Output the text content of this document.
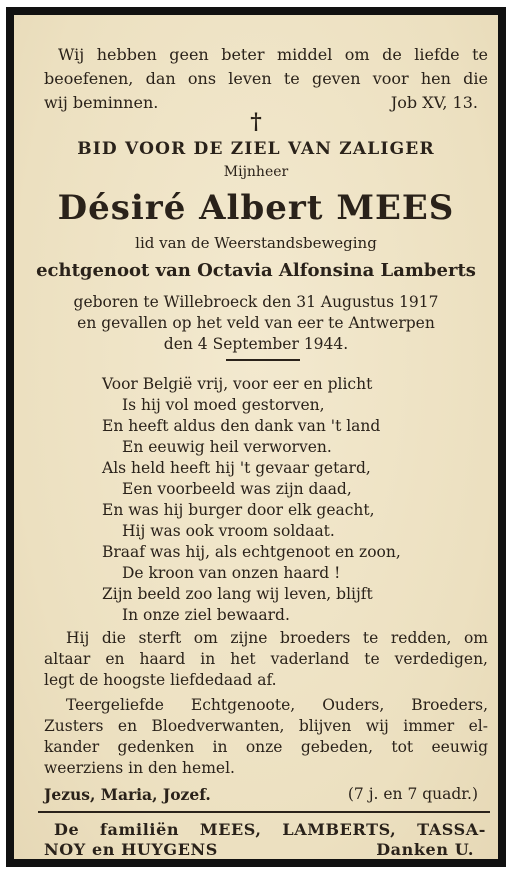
Wij hebben geen beter middel om de liefde te
beoefenen, dan ons leven te geven voor hen die
wij beminnen.	Job XV, 13.
†
BID VOOR DE ZIEL VAN ZALIGER
Mijnheer
Désiré Albert MEES
lid van de Weerstandsbeweging
echtgenoot van Octavia Alfonsina Lamberts
geboren te Willebroeck den 31 Augustus 1917
en gevallen op het veld van eer te Antwerpen
den 4 September 1944.
Voor België vrij, voor eer en plicht
Is hij vol moed gestorven,
En heeft aldus den dank van 't land
En eeuwig heil verworven.
Als held heeft hij 't gevaar getard,
Een voorbeeld was zijn daad,
En was hij burger door elk geacht,
Hij was ook vroom soldaat.
Braaf was hij, als echtgenoot en zoon,
De kroon van onzen haard !
Zijn beeld zoo lang wij leven, blijft
In onze ziel bewaard.
Hij die sterft om zijne broeders te redden, om
altaar en haard in het vaderland te verdedigen,
legt de hoogste liefdedaad af.
Teergeliefde Echtgenoote, Ouders, Broeders,
Zusters en Bloedverwanten, blijven wij immer el-
kander gedenken in onze gebeden, tot eeuwig
weerziens in den hemel.
Jezus, Maria, Jozef.	(7 j. en 7 quadr.)
De familiën MEES, LAMBERTS, TASSA-
NOY en HUYGENS	Danken U.
